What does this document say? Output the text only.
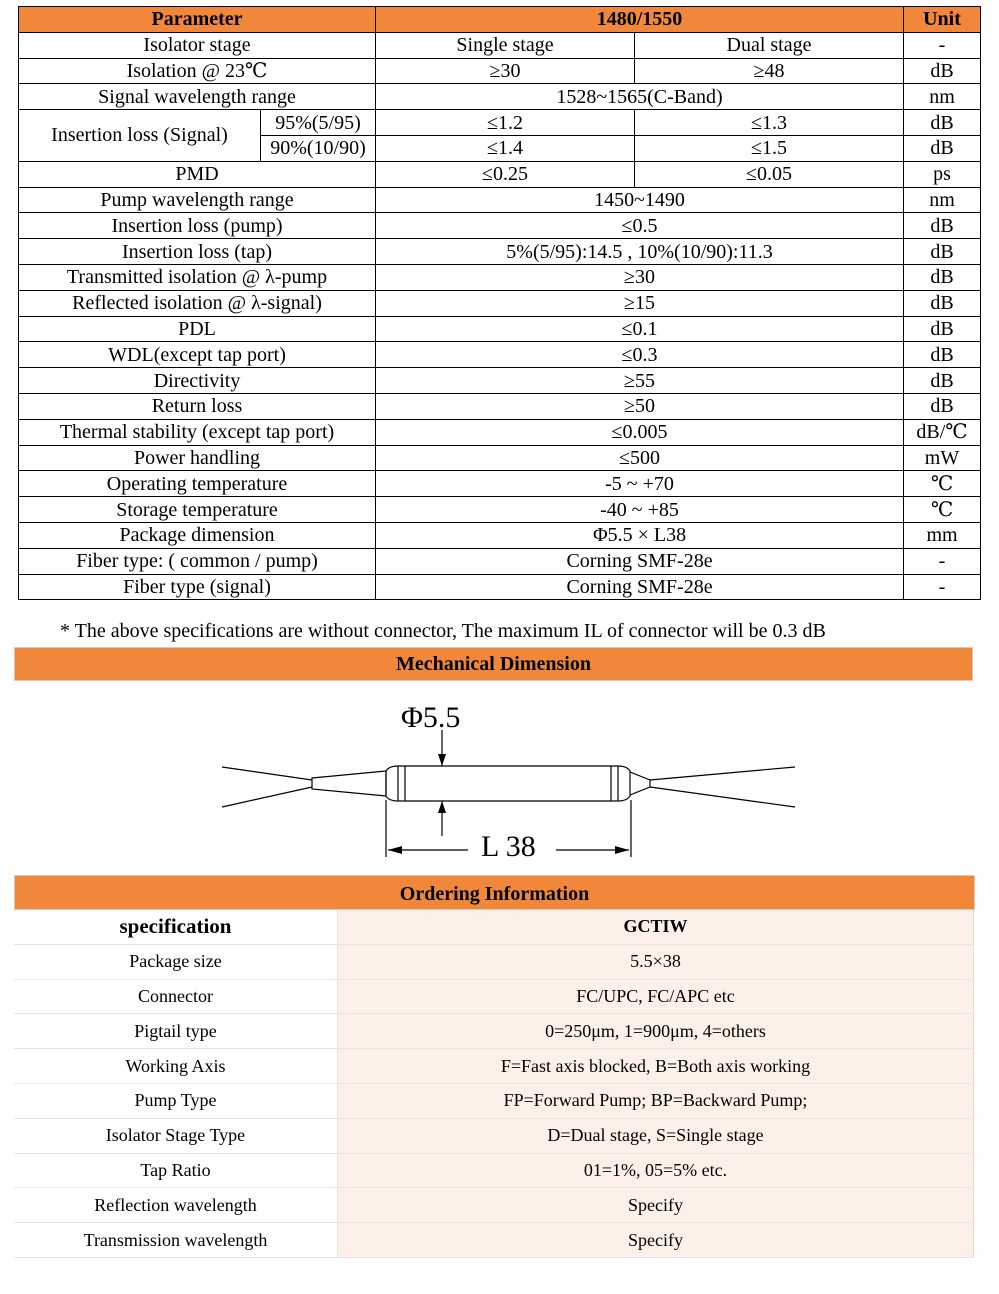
Parameter		1480/1550		Unit
Isolator stage		Single stage	Dual stage	-
Isolation @ 23℃		≥30	≥48	dB
Signal wavelength range		1528~1565(C-Band)		nm
Insertion loss (Signal)	95%(5/95)	≤1.2	≤1.3	dB
	90%(10/90)	≤1.4	≤1.5	dB
PMD		≤0.25	≤0.05	ps
Pump wavelength range		1450~1490		nm
Insertion loss (pump)		≤0.5		dB
Insertion loss (tap)		5%(5/95):14.5 , 10%(10/90):11.3		dB
Transmitted isolation @ λ-pump		≥30		dB
Reflected isolation @ λ-signal)		≥15		dB
PDL		≤0.1		dB
WDL(except tap port)		≤0.3		dB
Directivity		≥55		dB
Return loss		≥50		dB
Thermal stability (except tap port)		≤0.005		dB/℃
Power handling		≤500		mW
Operating temperature		-5 ~ +70		℃
Storage temperature		-40 ~ +85		℃
Package dimension		Φ5.5 × L38		mm
Fiber type: ( common / pump)		Corning SMF-28e		-
Fiber type (signal)		Corning SMF-28e		-
* The above specifications are without connector, The maximum IL of connector will be 0.3 dB
Mechanical Dimension
Φ5.5
L 38
Ordering Information
specification	GCTIW
Package size	5.5×38
Connector	FC/UPC, FC/APC etc
Pigtail type	0=250μm, 1=900μm, 4=others
Working Axis	F=Fast axis blocked, B=Both axis working
Pump Type	FP=Forward Pump; BP=Backward Pump;
Isolator Stage Type	D=Dual stage, S=Single stage
Tap Ratio	01=1%, 05=5% etc.
Reflection wavelength	Specify
Transmission wavelength	Specify
